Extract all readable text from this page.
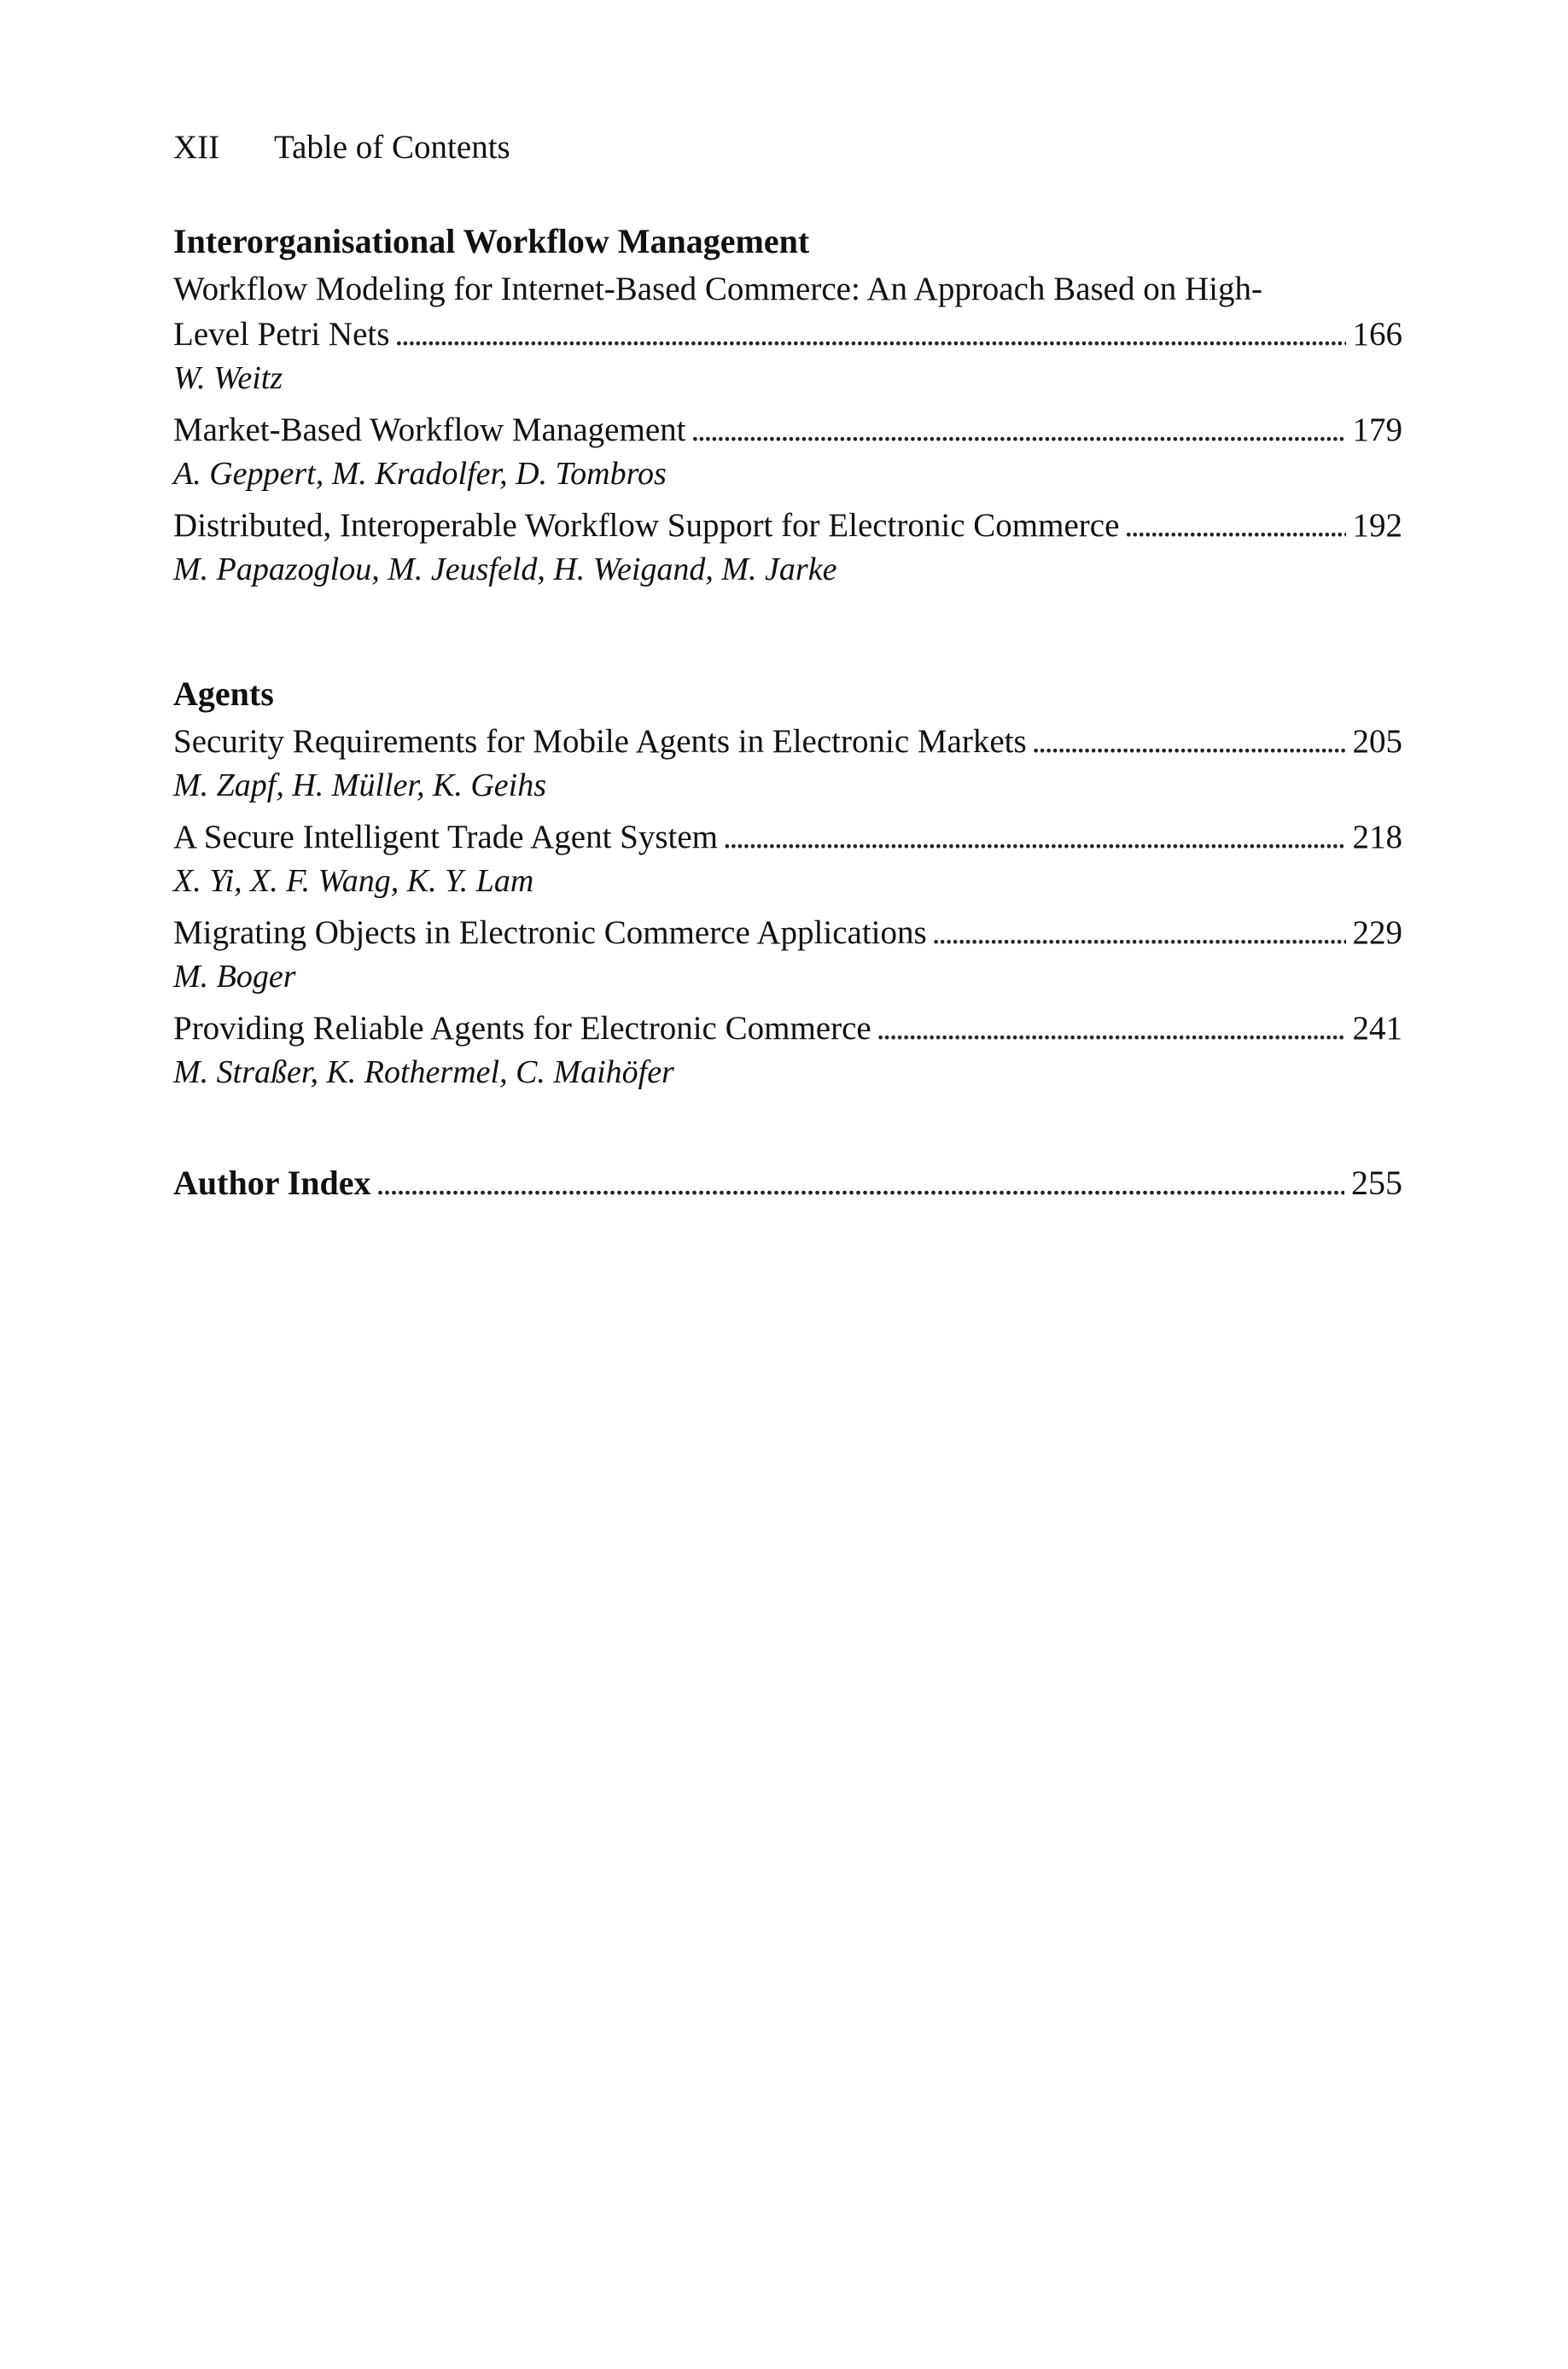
XII Table of Contents
Interorganisational Workflow Management
Workflow Modeling for Internet-Based Commerce: An Approach Based on High-
Level Petri Nets . . .	166
W. Weitz
Market-Based Workflow Management . . .	179
A. Geppert, M. Kradolfer, D. Tombros
Distributed, Interoperable Workflow Support for Electronic Commerce . . .	192
M. Papazoglou, M. Jeusfeld, H. Weigand, M. Jarke
Agents
Security Requirements for Mobile Agents in Electronic Markets . . .	205
M. Zapf, H. Müller, K. Geihs
A Secure Intelligent Trade Agent System . . .	218
X. Yi, X. F. Wang, K. Y. Lam
Migrating Objects in Electronic Commerce Applications . . .	229
M. Boger
Providing Reliable Agents for Electronic Commerce . . .	241
M. Straßer, K. Rothermel, C. Maihöfer
Author Index . . .	255
